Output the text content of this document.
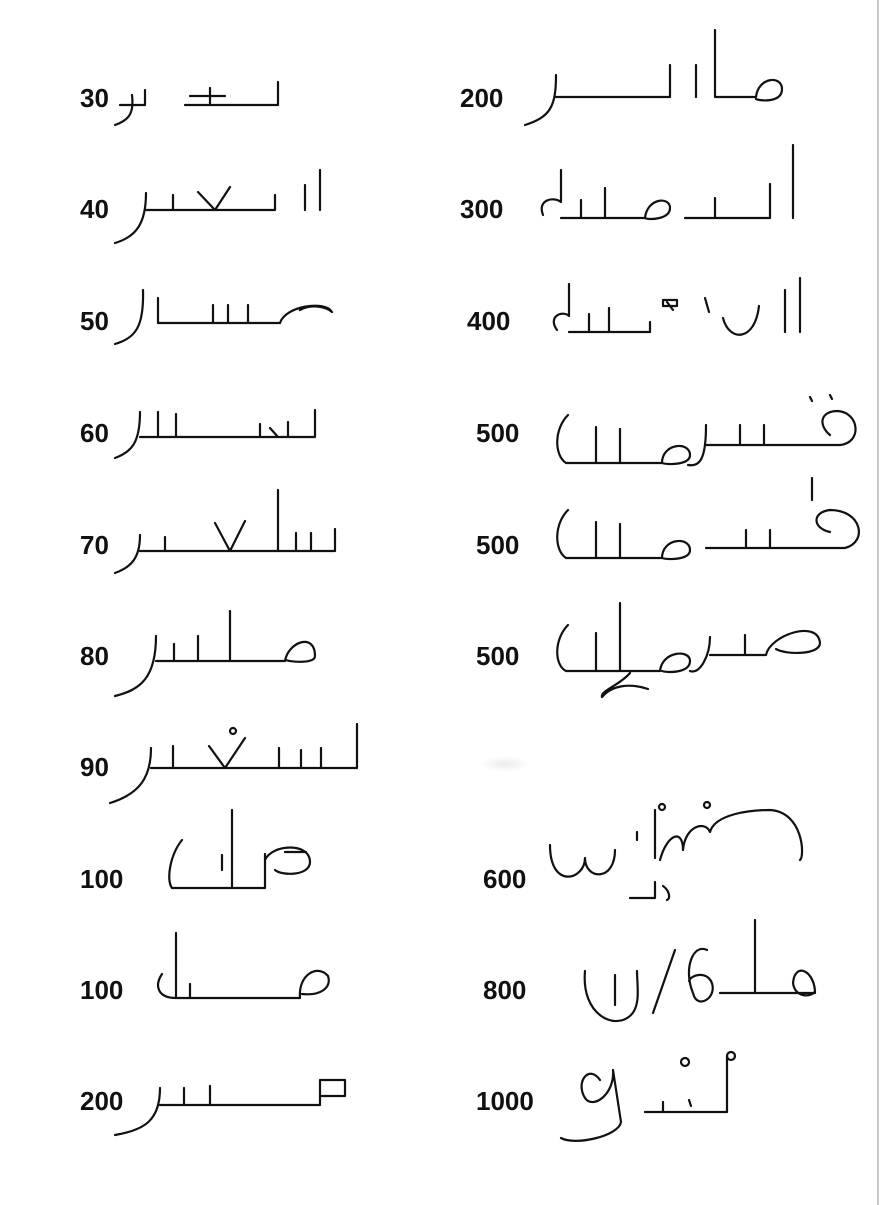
30
40
50
60
70
80
90
100
100
200
200
300
400
500
500
500
600
800
1000
